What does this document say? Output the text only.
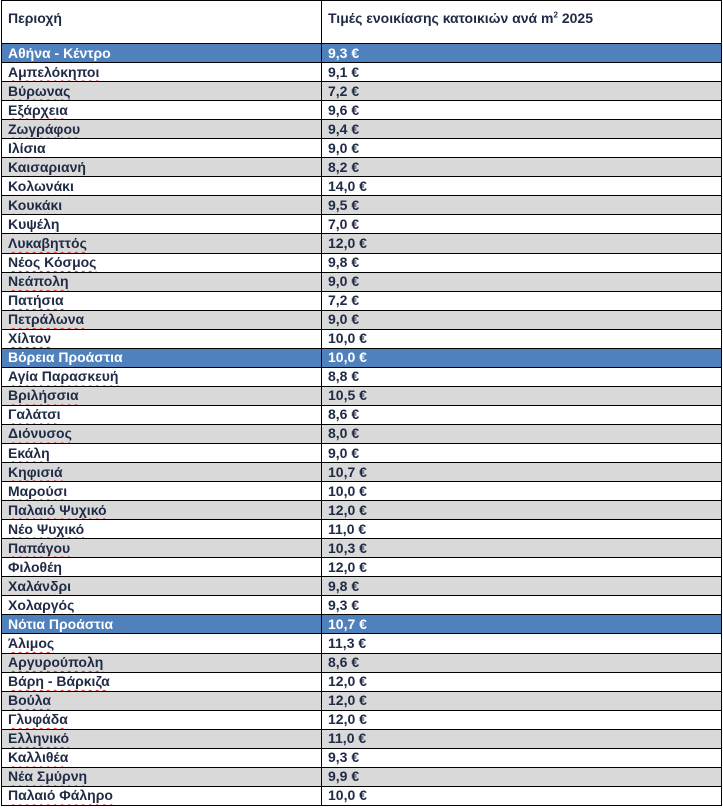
Περιοχή	Τιμές ενοικίασης κατοικιών ανά $m^2$ 2025
Αθήνα - Κέντρο	9,3 €
Αμπελόκηποι	9,1 €
Βύρωνας	7,2 €
Εξάρχεια	9,6 €
Ζωγράφου	9,4 €
Ιλίσια	9,0 €
Καισαριανή	8,2 €
Κολωνάκι	14,0 €
Κουκάκι	9,5 €
Κυψέλη	7,0 €
Λυκαβηττός	12,0 €
Νέος Κόσμος	9,8 €
Νεάπολη	9,0 €
Πατήσια	7,2 €
Πετράλωνα	9,0 €
Χίλτον	10,0 €
Βόρεια Προάστια	10,0 €
Αγία Παρασκευή	8,8 €
Βριλήσσια	10,5 €
Γαλάτσι	8,6 €
Διόνυσος	8,0 €
Εκάλη	9,0 €
Κηφισιά	10,7 €
Μαρούσι	10,0 €
Παλαιό Ψυχικό	12,0 €
Νέο Ψυχικό	11,0 €
Παπάγου	10,3 €
Φιλοθέη	12,0 €
Χαλάνδρι	9,8 €
Χολαργός	9,3 €
Νότια Προάστια	10,7 €
Άλιμος	11,3 €
Αργυρούπολη	8,6 €
Βάρη - Βάρκιζα	12,0 €
Βούλα	12,0 €
Γλυφάδα	12,0 €
Ελληνικό	11,0 €
Καλλιθέα	9,3 €
Νέα Σμύρνη	9,9 €
Παλαιό Φάληρο	10,0 €
